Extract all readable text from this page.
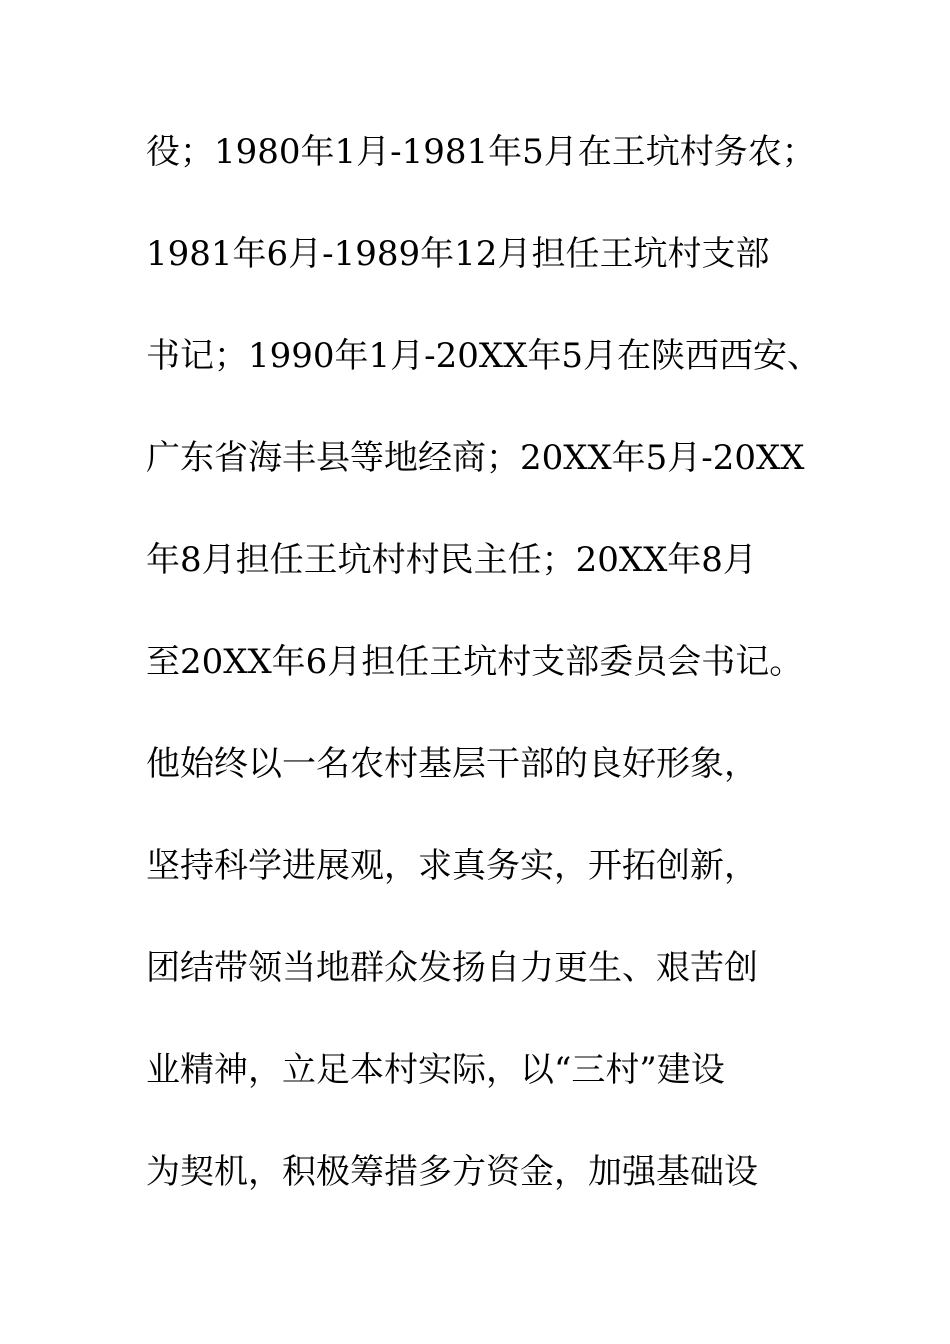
役；1980年1月-1981年5月在王坑村务农；
1981年6月-1989年12月担任王坑村支部
书记；1990年1月-20XX年5月在陕西西安、
广东省海丰县等地经商；20XX年5月-20XX
年8月担任王坑村村民主任；20XX年8月
至20XX年6月担任王坑村支部委员会书记。
他始终以一名农村基层干部的良好形象，
坚持科学进展观，求真务实，开拓创新，
团结带领当地群众发扬自力更生、艰苦创
业精神，立足本村实际，以“三村”建设
为契机，积极筹措多方资金，加强基础设
